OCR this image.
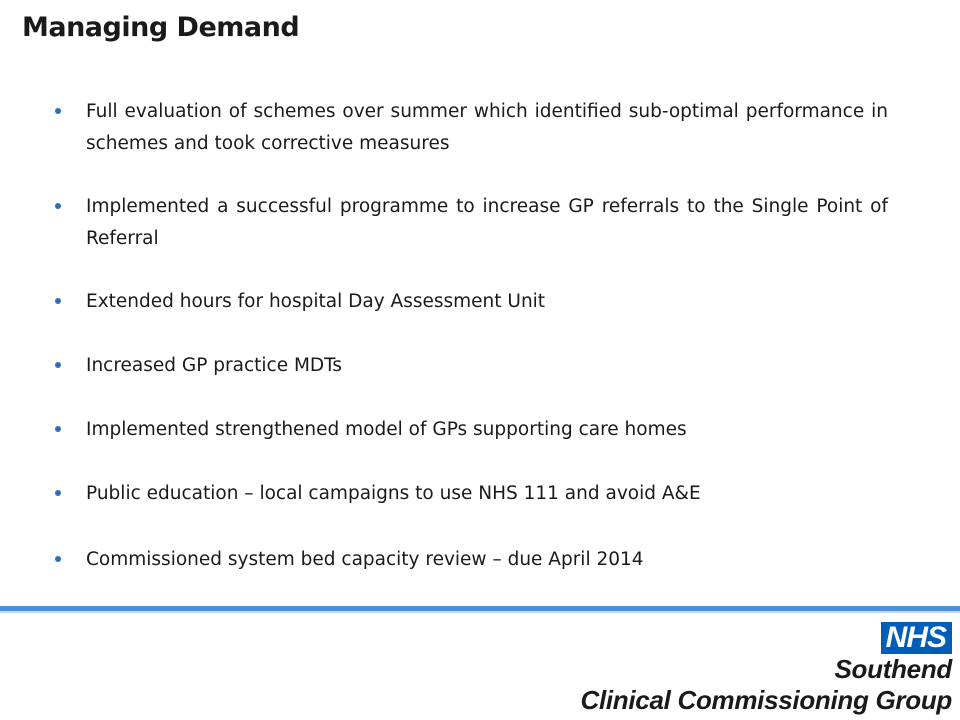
Managing Demand
Full evaluation of schemes over summer which identified sub-optimal performance in schemes and took corrective measures
Implemented a successful programme to increase GP referrals to the Single Point of Referral
Extended hours for hospital Day Assessment Unit
Increased GP practice MDTs
Implemented strengthened model of GPs supporting care homes
Public education – local campaigns to use NHS 111 and avoid A&E
Commissioned system bed capacity review – due April 2014
NHS
Southend
Clinical Commissioning Group
